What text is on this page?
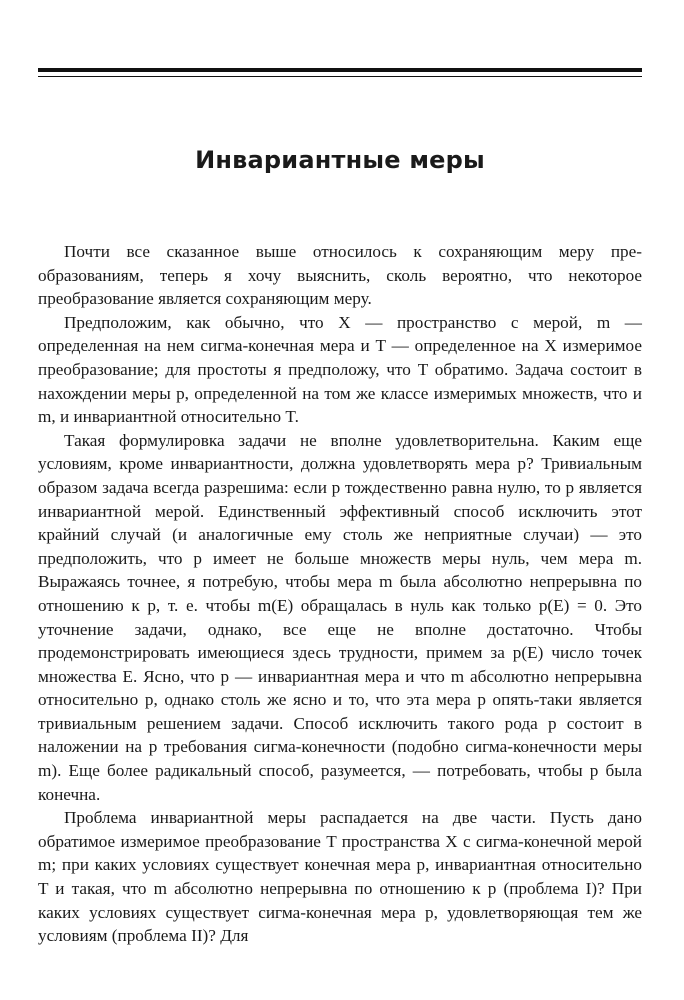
Инвариантные меры

Почти все сказанное выше относилось к сохраняющим меру преобразованиям, теперь я хочу выяснить, сколь вероятно, что некоторое преобразование является сохраняющим меру.

Предположим, как обычно, что X — пространство с мерой, m — определенная на нем сигма-конечная мера и T — определенное на X измеримое преобразование; для простоты я предположу, что T обратимо. Задача состоит в нахождении меры p, определенной на том же классе измеримых множеств, что и m, и инвариантной относительно T.

Такая формулировка задачи не вполне удовлетворительна. Каким еще условиям, кроме инвариантности, должна удовлетворять мера p? Тривиальным образом задача всегда разрешима: если p тождественно равна нулю, то p является инвариантной мерой. Единственный эффективный способ исключить этот крайний случай (и аналогичные ему столь же неприятные случаи) — это предположить, что p имеет не больше множеств меры нуль, чем мера m. Выражаясь точнее, я потребую, чтобы мера m была абсолютно непрерывна по отношению к p, т. е. чтобы m(E) обращалась в нуль как только p(E) = 0. Это уточнение задачи, однако, все еще не вполне достаточно. Чтобы продемонстрировать имеющиеся здесь трудности, примем за p(E) число точек множества E. Ясно, что p — инвариантная мера и что m абсолютно непрерывна относительно p, однако столь же ясно и то, что эта мера p опять-таки является тривиальным решением задачи. Способ исключить такого рода p состоит в наложении на p требования сигма-конечности (подобно сигма-конечности меры m). Еще более радикальный способ, разумеется, — потребовать, чтобы p была конечна.

Проблема инвариантной меры распадается на две части. Пусть дано обратимое измеримое преобразование T пространства X с сигма-конечной мерой m; при каких условиях существует конечная мера p, инвариантная относительно T и такая, что m абсолютно непрерывна по отношению к p (проблема I)? При каких условиях существует сигма-конечная мера p, удовлетворяющая тем же условиям (проблема II)? Для
